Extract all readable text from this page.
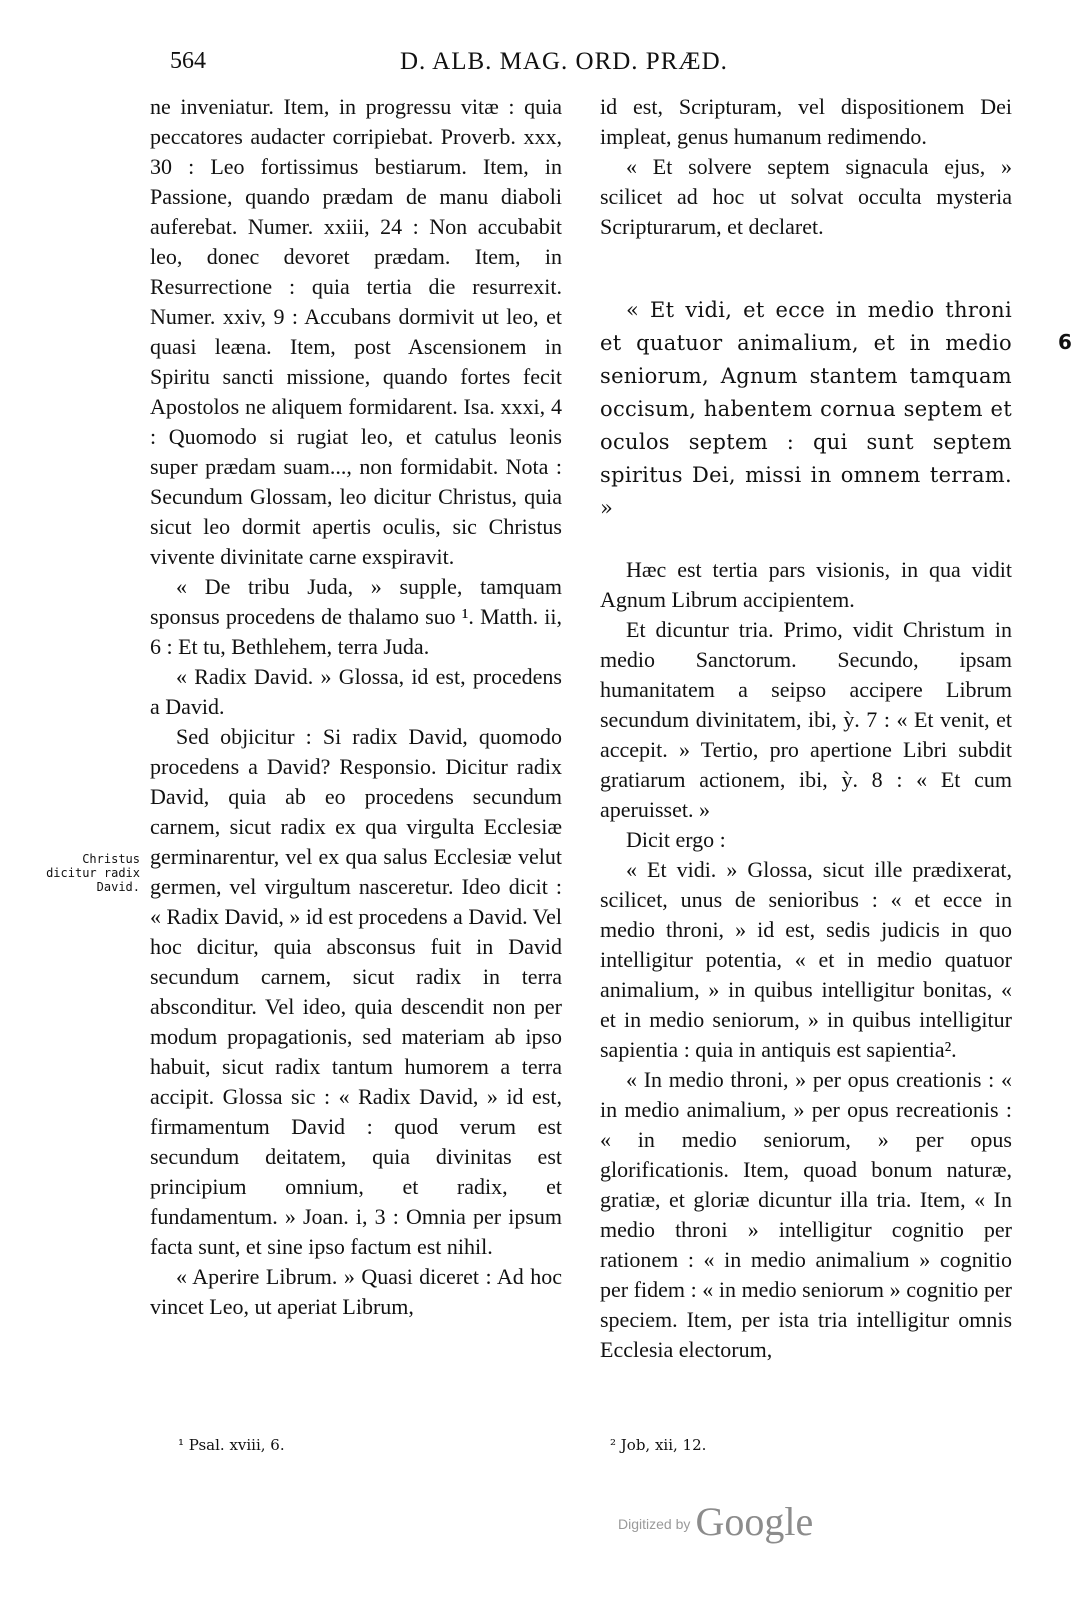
564	D. ALB. MAG. ORD. PRÆD.

ne inveniatur. Item, in progressu vitæ : quia peccatores audacter corripiebat. Proverb. xxx, 30 : Leo fortissimus bestiarum. Item, in Passione, quando prædam de manu diaboli auferebat. Numer. xxiii, 24 : Non accubabit leo, donec devoret prædam. Item, in Resurrectione : quia tertia die resurrexit. Numer. xxiv, 9 : Accubans dormivit ut leo, et quasi leæna. Item, post Ascensionem in Spiritu sancti missione, quando fortes fecit Apostolos ne aliquem formidarent. Isa. xxxi, 4 : Quomodo si rugiat leo, et catulus leonis super prædam suam..., non formidabit. Nota : Secundum Glossam, leo dicitur Christus, quia sicut leo dormit apertis oculis, sic Christus vivente divinitate carne exspiravit.

« De tribu Juda, » supple, tamquam sponsus procedens de thalamo suo ¹. Matth. ii, 6 : Et tu, Bethlehem, terra Juda.

« Radix David. » Glossa, id est, procedens a David.

Sed objicitur : Si radix David, quomodo procedens a David? Responsio. Dicitur radix David, quia ab eo procedens secundum carnem, sicut radix ex qua virgulta Ecclesiæ germinarentur, vel ex qua salus Ecclesiæ velut germen, vel virgultum nasceretur. Ideo dicit : « Radix David, » id est procedens a David. Vel hoc dicitur, quia absconsus fuit in David secundum carnem, sicut radix in terra absconditur. Vel ideo, quia descendit non per modum propagationis, sed materiam ab ipso habuit, sicut radix tantum humorem a terra accipit. Glossa sic : « Radix David, » id est, firmamentum David : quod verum est secundum deitatem, quia divinitas est principium omnium, et radix, et fundamentum. » Joan. i, 3 : Omnia per ipsum facta sunt, et sine ipso factum est nihil.

« Aperire Librum. » Quasi diceret : Ad hoc vincet Leo, ut aperiat Librum,

id est, Scripturam, vel dispositionem Dei impleat, genus humanum redimendo.

« Et solvere septem signacula ejus, » scilicet ad hoc ut solvat occulta mysteria Scripturarum, et declaret.

« Et vidi, et ecce in medio throni et quatuor animalium, et in medio seniorum, Agnum stantem tamquam occisum, habentem cornua septem et oculos septem : qui sunt septem spiritus Dei, missi in omnem terram. »

Hæc est tertia pars visionis, in qua vidit Agnum Librum accipientem.

Et dicuntur tria. Primo, vidit Christum in medio Sanctorum. Secundo, ipsam humanitatem a seipso accipere Librum secundum divinitatem, ibi, ỳ. 7 : « Et venit, et accepit. » Tertio, pro apertione Libri subdit gratiarum actionem, ibi, ỳ. 8 : « Et cum aperuisset. »

Dicit ergo :

« Et vidi. » Glossa, sicut ille prædixerat, scilicet, unus de senioribus : « et ecce in medio throni, » id est, sedis judicis in quo intelligitur potentia, « et in medio quatuor animalium, » in quibus intelligitur bonitas, « et in medio seniorum, » in quibus intelligitur sapientia : quia in antiquis est sapientia².

« In medio throni, » per opus creationis : « in medio animalium, » per opus recreationis : « in medio seniorum, » per opus glorificationis. Item, quoad bonum naturæ, gratiæ, et gloriæ dicuntur illa tria. Item, « In medio throni » intelligitur cognitio per rationem : « in medio animalium » cognitio per fidem : « in medio seniorum » cognitio per speciem. Item, per ista tria intelligitur omnis Ecclesia electorum,

Christus dicitur radix David.
6
¹ Psal. xviii, 6.	² Job, xii, 12.
Digitized by Google
